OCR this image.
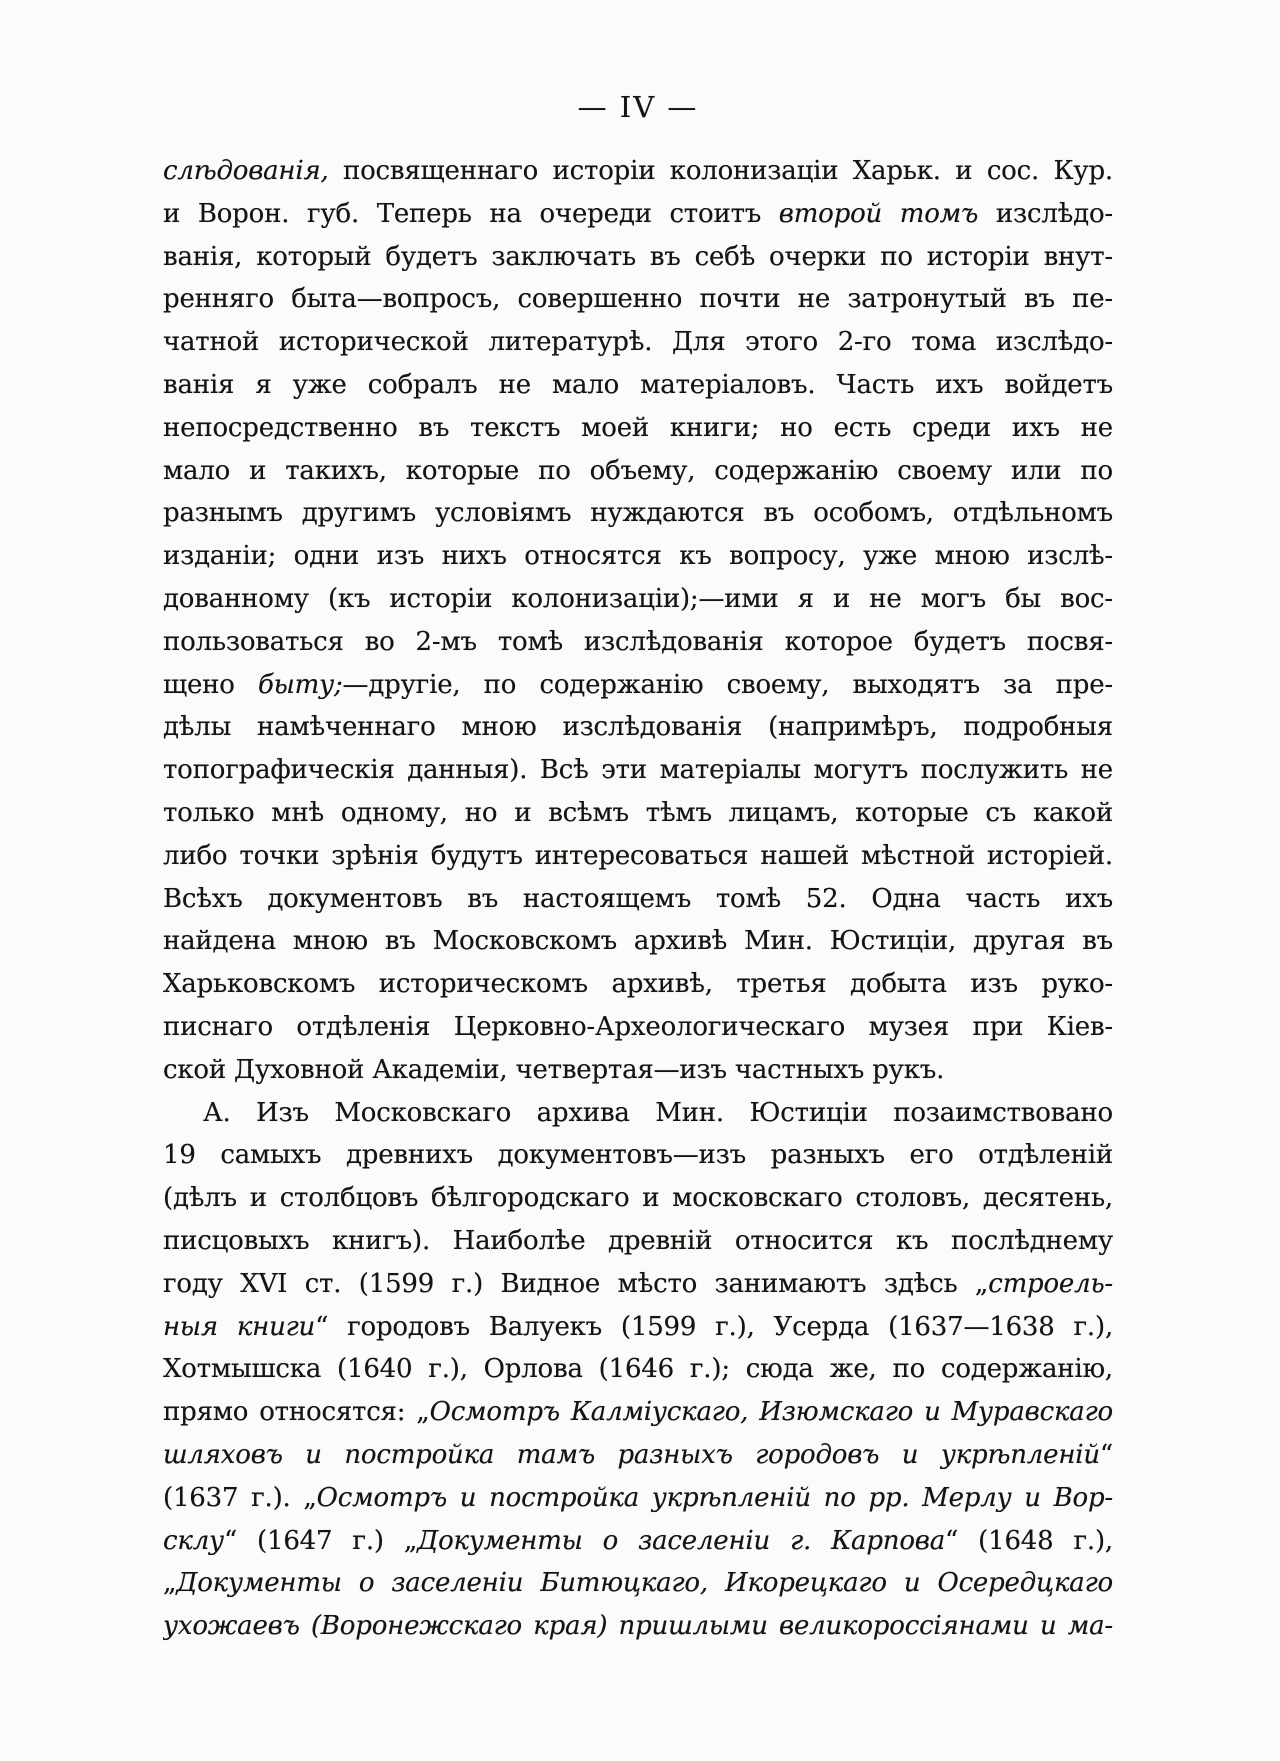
— IV —
слѣдованія, посвященнаго исторіи колонизаціи Харьк. и сос. Кур.
и Ворон. губ. Теперь на очереди стоитъ второй томъ изслѣдо-
ванія, который будетъ заключать въ себѣ очерки по исторіи внут-
ренняго быта—вопросъ, совершенно почти не затронутый въ пе-
чатной исторической литературѣ. Для этого 2-го тома изслѣдо-
ванія я уже собралъ не мало матеріаловъ. Часть ихъ войдетъ
непосредственно въ текстъ моей книги; но есть среди ихъ не
мало и такихъ, которые по объему, содержанію своему или по
разнымъ другимъ условіямъ нуждаются въ особомъ, отдѣльномъ
изданіи; одни изъ нихъ относятся къ вопросу, уже мною изслѣ-
дованному (къ исторіи колонизаціи);—ими я и не могъ бы вос-
пользоваться во 2-мъ томѣ изслѣдованія которое будетъ посвя-
щено быту;—другіе, по содержанію своему, выходятъ за пре-
дѣлы намѣченнаго мною изслѣдованія (напримѣръ, подробныя
топографическія данныя). Всѣ эти матеріалы могутъ послужить не
только мнѣ одному, но и всѣмъ тѣмъ лицамъ, которые съ какой
либо точки зрѣнія будутъ интересоваться нашей мѣстной исторіей.
Всѣхъ документовъ въ настоящемъ томѣ 52. Одна часть ихъ
найдена мною въ Московскомъ архивѣ Мин. Юстиціи, другая въ
Харьковскомъ историческомъ архивѣ, третья добыта изъ руко-
писнаго отдѣленія Церковно-Археологическаго музея при Кіев-
ской Духовной Академіи, четвертая—изъ частныхъ рукъ.
А. Изъ Московскаго архива Мин. Юстиціи позаимствовано
19 самыхъ древнихъ документовъ—изъ разныхъ его отдѣленій
(дѣлъ и столбцовъ бѣлгородскаго и московскаго столовъ, десятень,
писцовыхъ книгъ). Наиболѣе древній относится къ послѣднему
году XVI ст. (1599 г.) Видное мѣсто занимаютъ здѣсь „строель-
ныя книги“ городовъ Валуекъ (1599 г.), Усерда (1637—1638 г.),
Хотмышска (1640 г.), Орлова (1646 г.); сюда же, по содержанію,
прямо относятся: „Осмотръ Калміускаго, Изюмскаго и Муравскаго
шляховъ и постройка тамъ разныхъ городовъ и укрѣпленій“
(1637 г.). „Осмотръ и постройка укрѣпленій по рр. Мерлу и Вор-
склу“ (1647 г.) „Документы о заселеніи г. Карпова“ (1648 г.),
„Документы о заселеніи Битюцкаго, Икорецкаго и Осередцкаго
ухожаевъ (Воронежскаго края) пришлыми великороссіянами и ма-
